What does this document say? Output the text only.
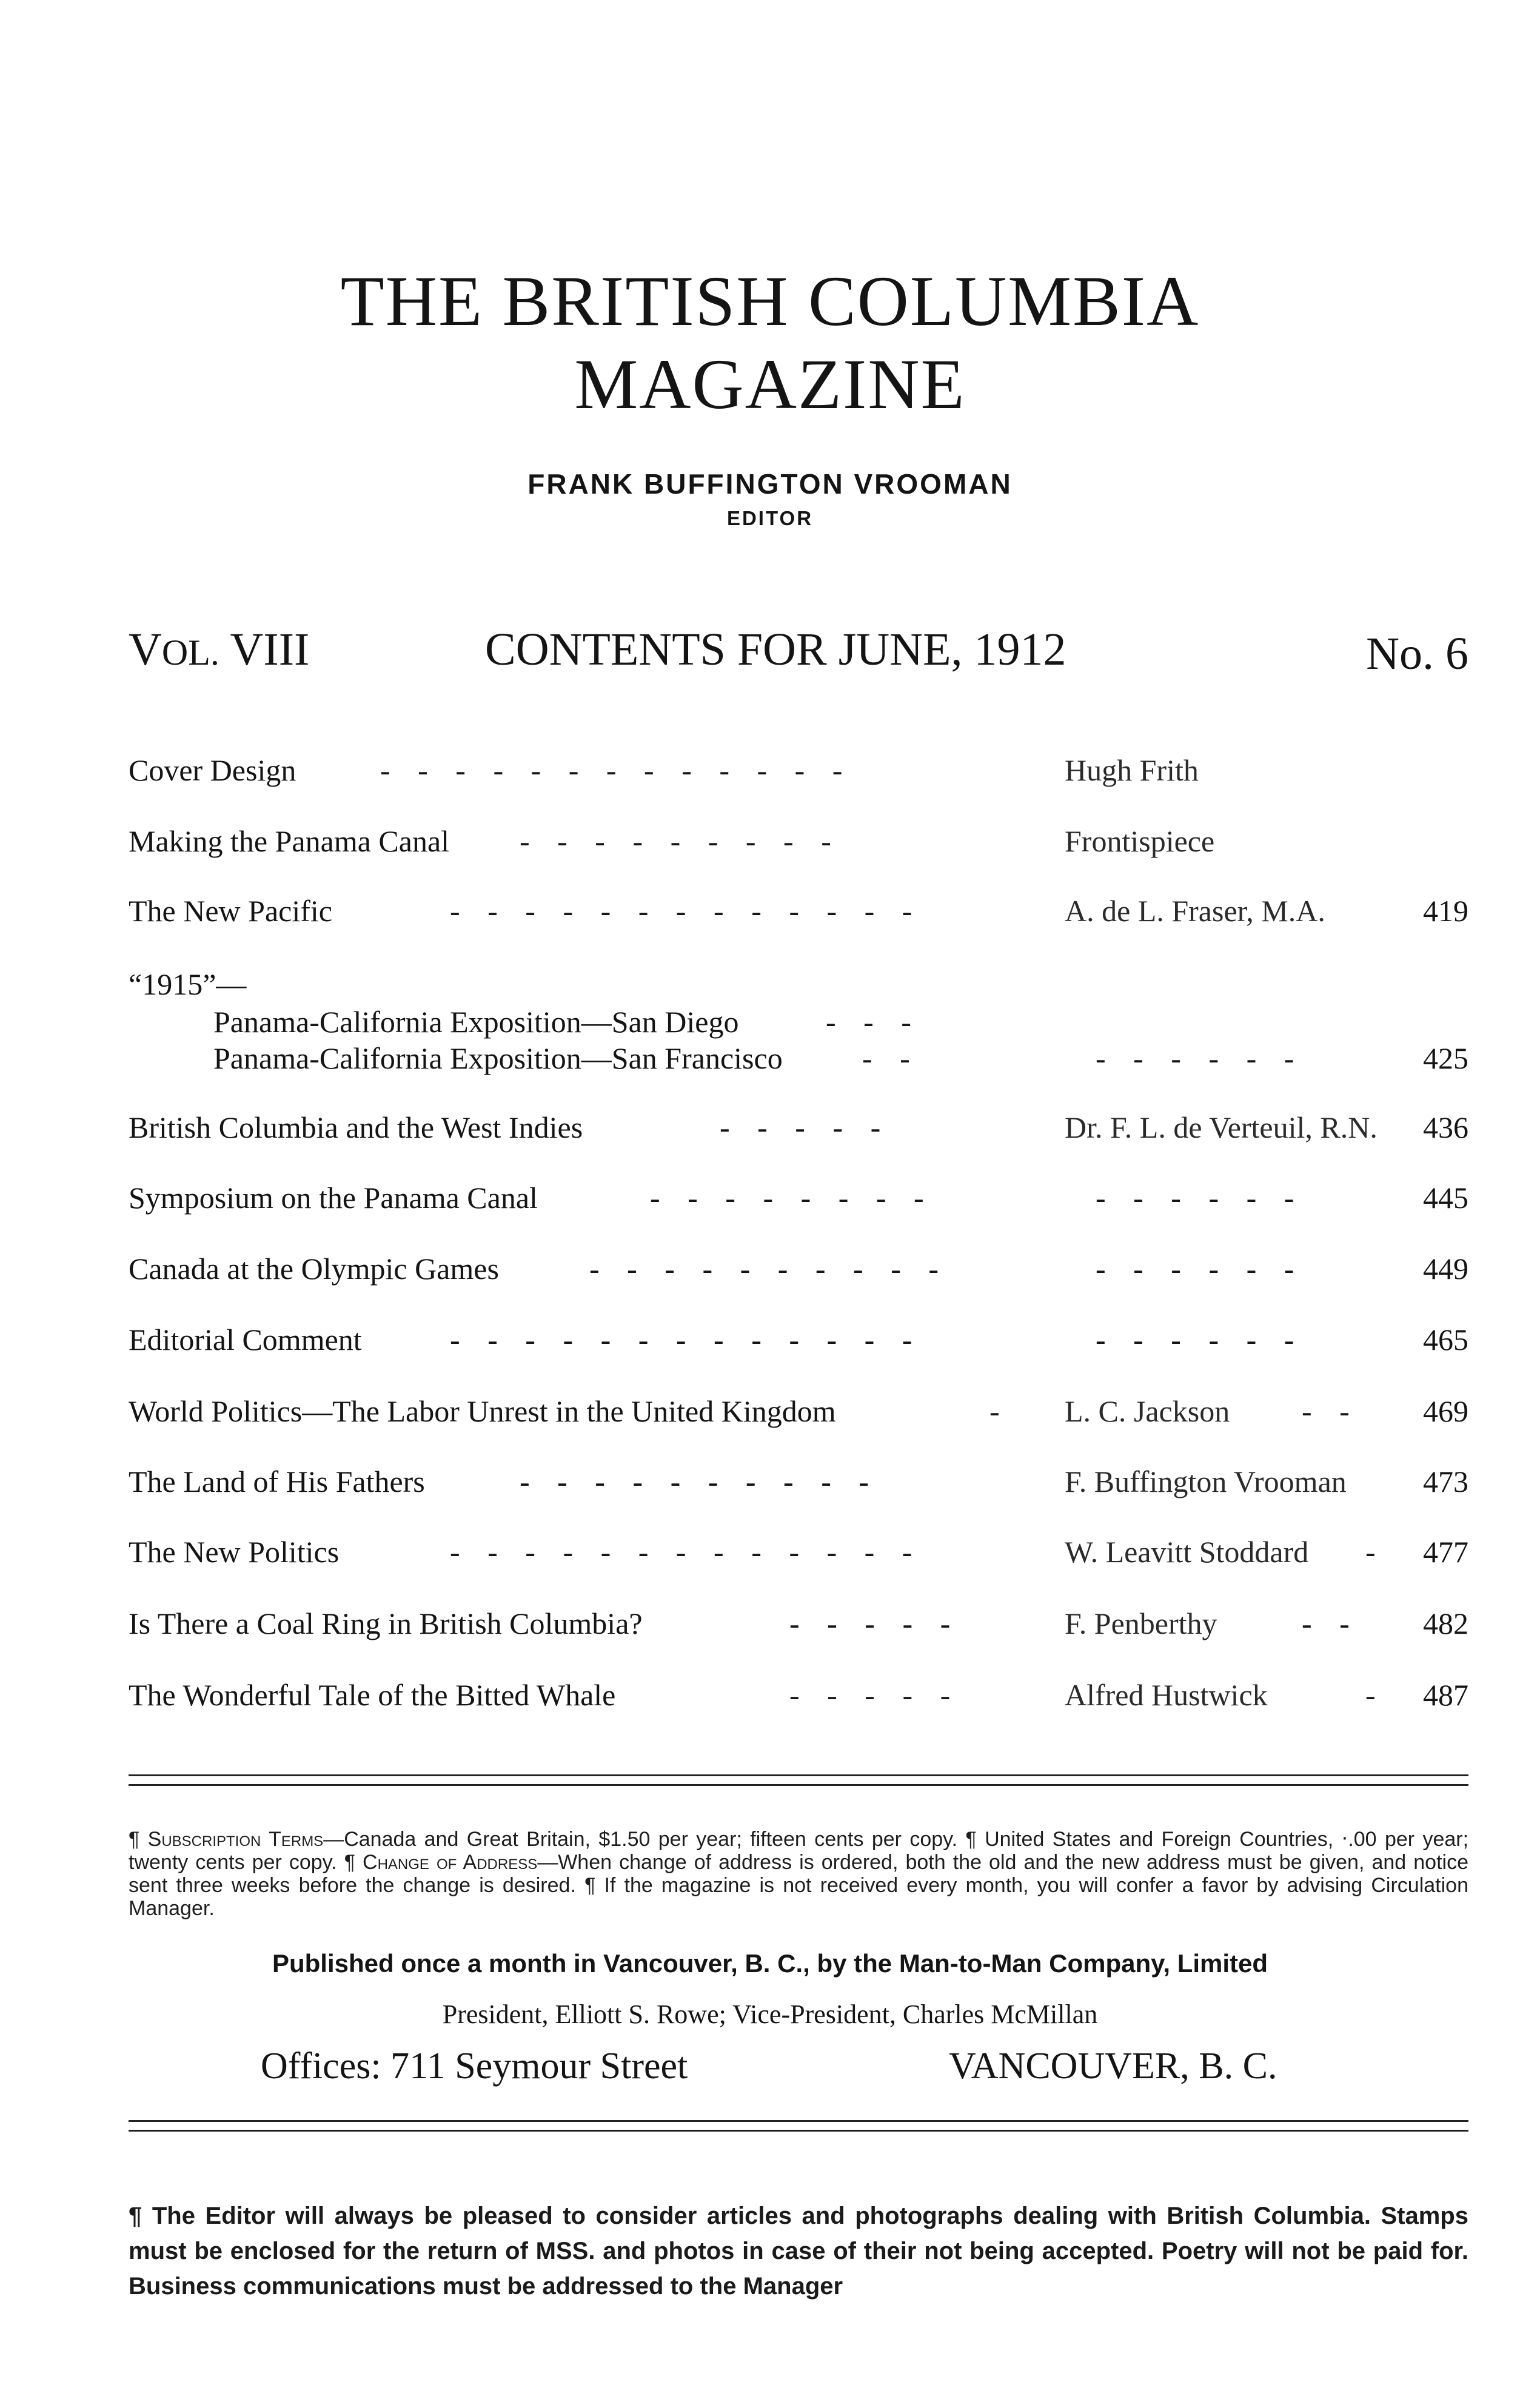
THE BRITISH COLUMBIA
MAGAZINE
FRANK BUFFINGTON VROOMAN
EDITOR
VOL. VIII	CONTENTS FOR JUNE, 1912	No. 6
Cover Design	-   -   -   -   -   -   -   -   -   -   -   -   -	Hugh Frith
Making the Panama Canal -   -   -   -   -   -   -   -   -	Frontispiece
The New Pacific	-   -   -   -   -   -   -   -   -   -   -   -   -	A. de L. Fraser, M.A.	419
“1915”—
Panama-California Exposition—San Diego	-   -   -
Panama-California Exposition—San Francisco	-   -	-   -   -   -   -   -	425
British Columbia and the West Indies	-   -   -   -   -	Dr. F. L. de Verteuil, R.N. 436
Symposium on the Panama Canal	-   -   -   -   -   -   -   -	-   -   -   -   -   -	445
Canada at the Olympic Games	-   -   -   -   -   -   -   -   -   -	-   -   -   -   -   -	449
Editorial Comment	-   -   -   -   -   -   -   -   -   -   -   -   -	-   -   -   -   -   -	465
World Politics—The Labor Unrest in the United Kingdom	- L. C. Jackson -   - 469
The Land of His Fathers	-   -   -   -   -   -   -   -   -   -	F. Buffington Vrooman	473
The New Politics	-   -   -   -   -   -   -   -   -   -   -   -   -	W. Leavitt Stoddard - 477
Is There a Coal Ring in British Columbia?	-   -   -   -   -	F. Penberthy	-   - 482
The Wonderful Tale of the Bitted Whale	-   -   -   -   -	Alfred Hustwick	- 487
¶ Subscription Terms—Canada and Great Britain, $1.50 per year; fifteen cents per copy. ¶ United States and Foreign Countries, ‧.00 per year; twenty cents per copy. ¶ Change of Address—When change of address is ordered, both the old and the new address must be given, and notice sent three weeks before the change is desired. ¶ If the magazine is not received every month, you will confer a favor by advising Circulation Manager.
Published once a month in Vancouver, B. C., by the Man-to-Man Company, Limited
President, Elliott S. Rowe; Vice-President, Charles McMillan
Offices: 711 Seymour Street	VANCOUVER, B. C.
¶ The Editor will always be pleased to consider articles and photographs dealing with British Columbia. Stamps must be enclosed for the return of MSS. and photos in case of their not being accepted. Poetry will not be paid for. Business communications must be addressed to the Manager
